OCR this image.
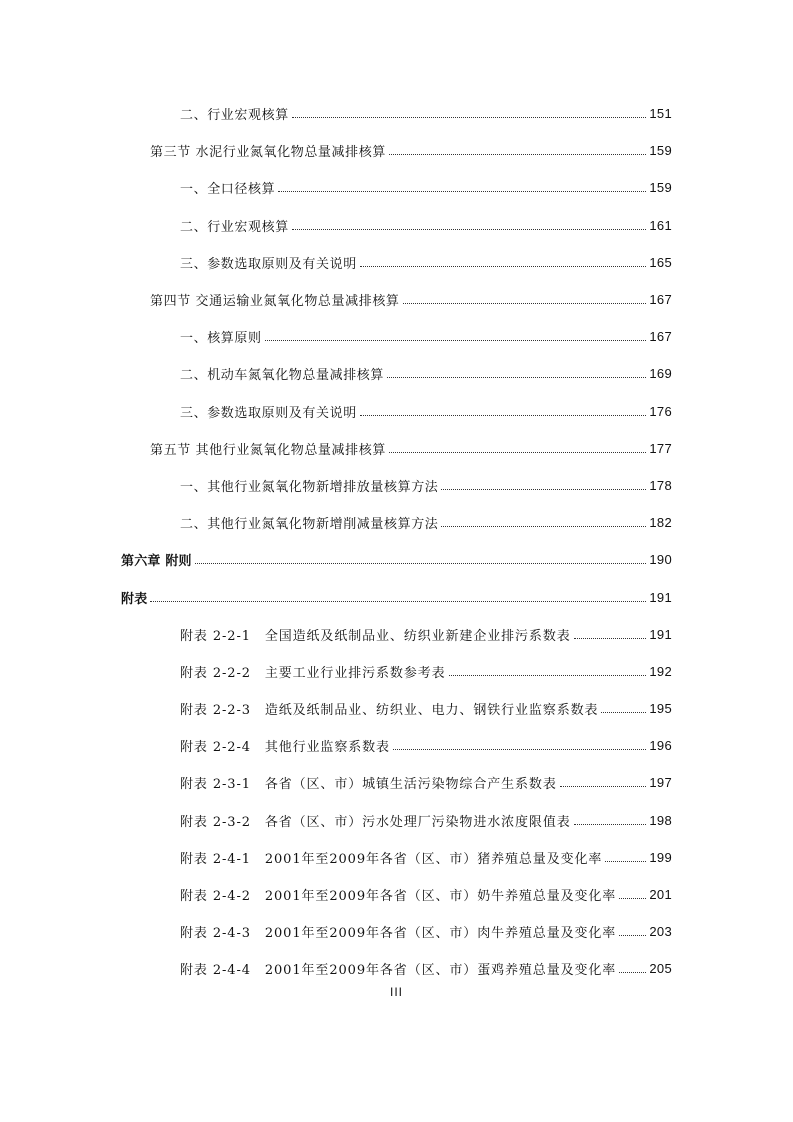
二、行业宏观核算	151
第三节 水泥行业氮氧化物总量减排核算	159
一、全口径核算	159
二、行业宏观核算	161
三、参数选取原则及有关说明	165
第四节 交通运输业氮氧化物总量减排核算	167
一、核算原则	167
二、机动车氮氧化物总量减排核算	169
三、参数选取原则及有关说明	176
第五节 其他行业氮氧化物总量减排核算	177
一、其他行业氮氧化物新增排放量核算方法	178
二、其他行业氮氧化物新增削减量核算方法	182
第六章 附则	190
附表	191
附表 2-2-1　全国造纸及纸制品业、纺织业新建企业排污系数表	191
附表 2-2-2　主要工业行业排污系数参考表	192
附表 2-2-3　造纸及纸制品业、纺织业、电力、钢铁行业监察系数表	195
附表 2-2-4　其他行业监察系数表	196
附表 2-3-1　各省（区、市）城镇生活污染物综合产生系数表	197
附表 2-3-2　各省（区、市）污水处理厂污染物进水浓度限值表	198
附表 2-4-1　2001年至2009年各省（区、市）猪养殖总量及变化率	199
附表 2-4-2　2001年至2009年各省（区、市）奶牛养殖总量及变化率	201
附表 2-4-3　2001年至2009年各省（区、市）肉牛养殖总量及变化率	203
附表 2-4-4　2001年至2009年各省（区、市）蛋鸡养殖总量及变化率	205
III
